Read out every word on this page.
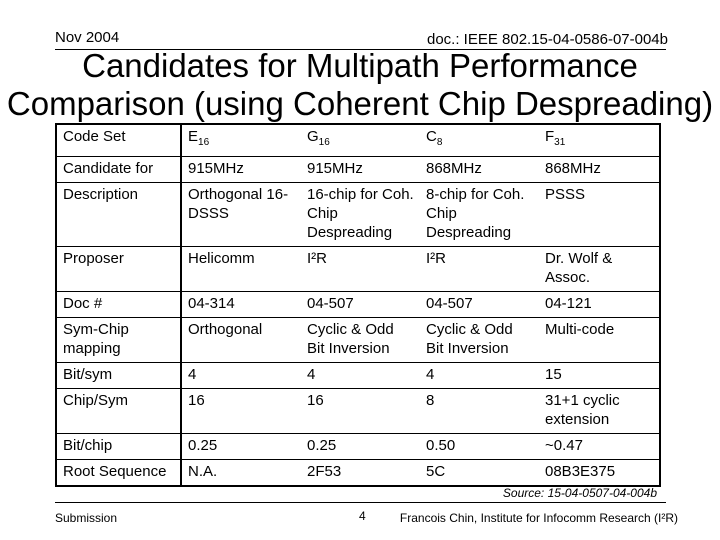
Nov 2004	doc.: IEEE 802.15-04-0586-07-004b
Candidates for Multipath Performance
Comparison (using Coherent Chip Despreading)
Code Set	$E_{16}$	$G_{16}$	$C_8$	$F_{31}$
Candidate for	915MHz	915MHz	868MHz	868MHz
Description	Orthogonal 16-DSSS	16-chip for Coh. Chip Despreading	8-chip for Coh. Chip Despreading	PSSS
Proposer	Helicomm	I²R	I²R	Dr. Wolf & Assoc.
Doc #	04-314	04-507	04-507	04-121
Sym-Chip mapping	Orthogonal	Cyclic & Odd Bit Inversion	Cyclic & Odd Bit Inversion	Multi-code
Bit/sym	4	4	4	15
Chip/Sym	16	16	8	31+1 cyclic extension
Bit/chip	0.25	0.25	0.50	~0.47
Root Sequence	N.A.	2F53	5C	08B3E375
Source: 15-04-0507-04-004b
Submission	4	Francois Chin, Institute for Infocomm Research (I²R)
